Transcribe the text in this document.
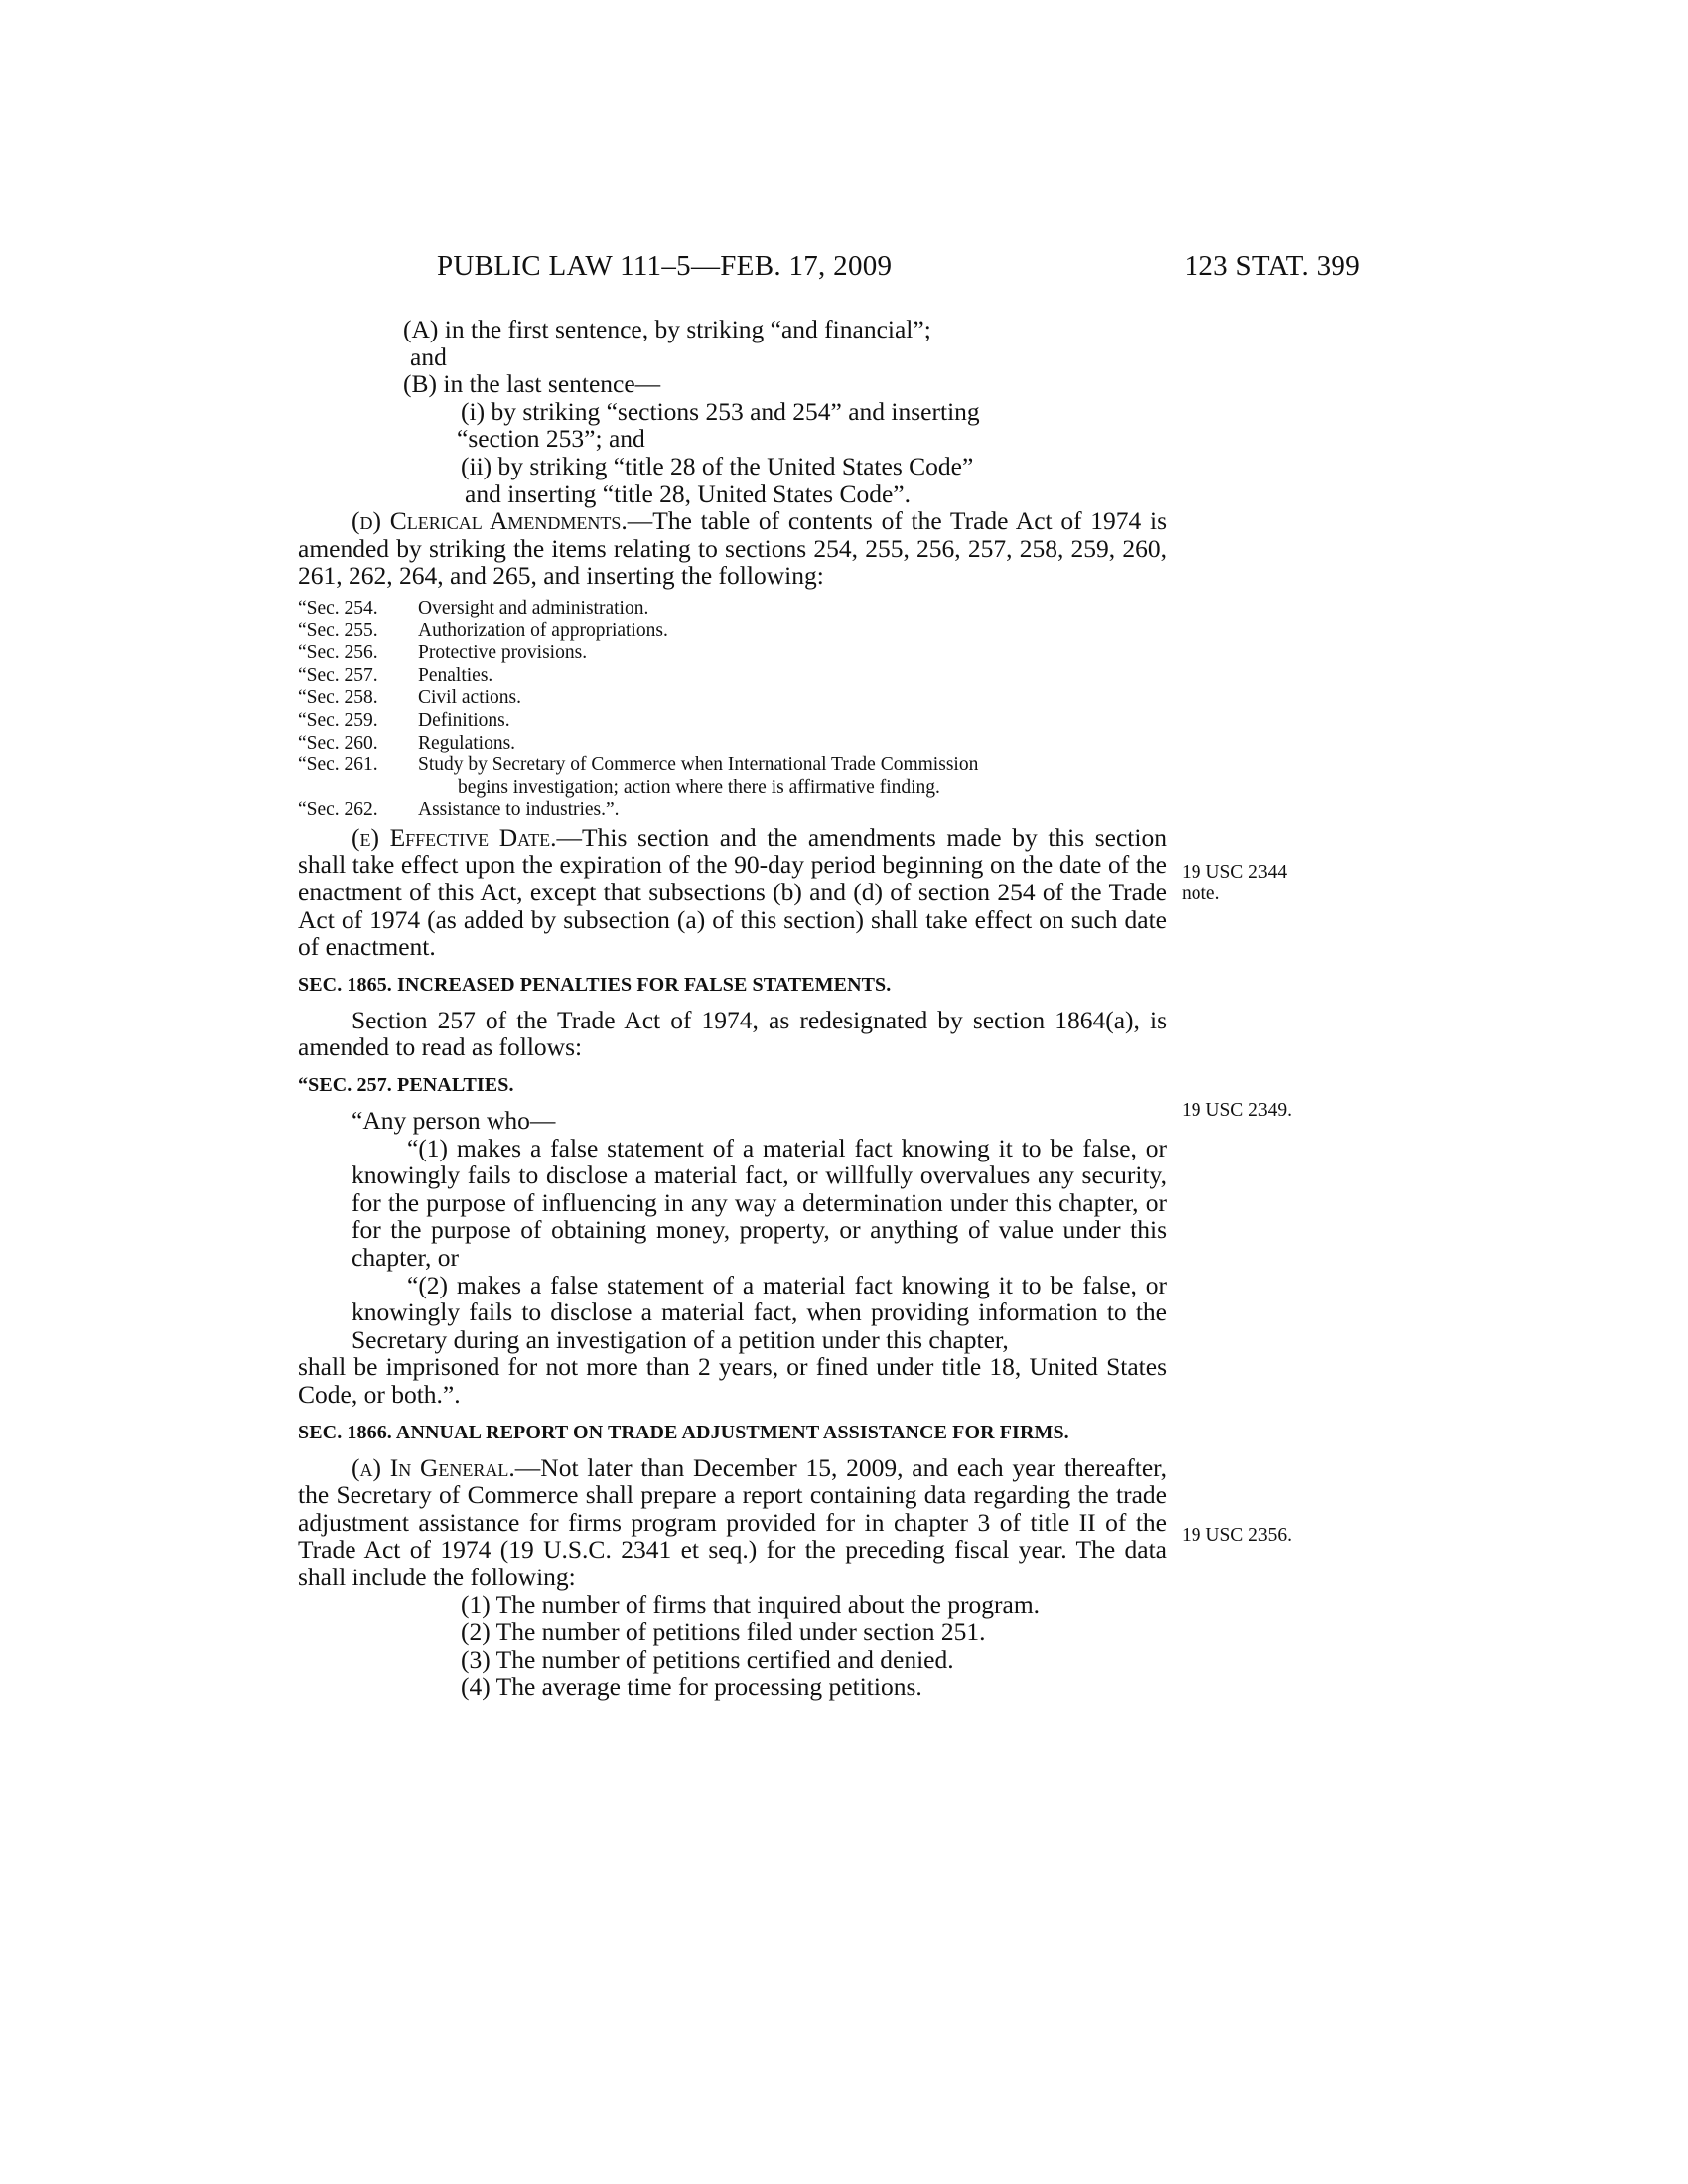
PUBLIC LAW 111–5—FEB. 17, 2009	123 STAT. 399

(A) in the first sentence, by striking “and financial”;

and

(B) in the last sentence—

(i) by striking “sections 253 and 254” and inserting

“section 253”; and

(ii) by striking “title 28 of the United States Code”

and inserting “title 28, United States Code”.

(d) Clerical Amendments.—The table of contents of the Trade Act of 1974 is amended by striking the items relating to sections 254, 255, 256, 257, 258, 259, 260, 261, 262, 264, and 265, and inserting the following:

“Sec. 254.	Oversight and administration.
“Sec. 255.	Authorization of appropriations.
“Sec. 256.	Protective provisions.
“Sec. 257.	Penalties.
“Sec. 258.	Civil actions.
“Sec. 259.	Definitions.
“Sec. 260.	Regulations.
“Sec. 261.	Study by Secretary of Commerce when International Trade Commission
begins investigation; action where there is affirmative finding.
“Sec. 262.	Assistance to industries.”.

(e) Effective Date.—This section and the amendments made by this section shall take effect upon the expiration of the 90-day period beginning on the date of the enactment of this Act, except that subsections (b) and (d) of section 254 of the Trade Act of 1974 (as added by subsection (a) of this section) shall take effect on such date of enactment.

SEC. 1865. INCREASED PENALTIES FOR FALSE STATEMENTS.

Section 257 of the Trade Act of 1974, as redesignated by section 1864(a), is amended to read as follows:

“SEC. 257. PENALTIES.

“Any person who—

“(1) makes a false statement of a material fact knowing it to be false, or knowingly fails to disclose a material fact, or willfully overvalues any security, for the purpose of influencing in any way a determination under this chapter, or for the purpose of obtaining money, property, or anything of value under this chapter, or

“(2) makes a false statement of a material fact knowing it to be false, or knowingly fails to disclose a material fact, when providing information to the Secretary during an investigation of a petition under this chapter,

shall be imprisoned for not more than 2 years, or fined under title 18, United States Code, or both.”.

SEC. 1866. ANNUAL REPORT ON TRADE ADJUSTMENT ASSISTANCE FOR FIRMS.

(a) In General.—Not later than December 15, 2009, and each year thereafter, the Secretary of Commerce shall prepare a report containing data regarding the trade adjustment assistance for firms program provided for in chapter 3 of title II of the Trade Act of 1974 (19 U.S.C. 2341 et seq.) for the preceding fiscal year. The data shall include the following:

(1) The number of firms that inquired about the program.

(2) The number of petitions filed under section 251.

(3) The number of petitions certified and denied.

(4) The average time for processing petitions.

19 USC 2344
note.
19 USC 2349.
19 USC 2356.
